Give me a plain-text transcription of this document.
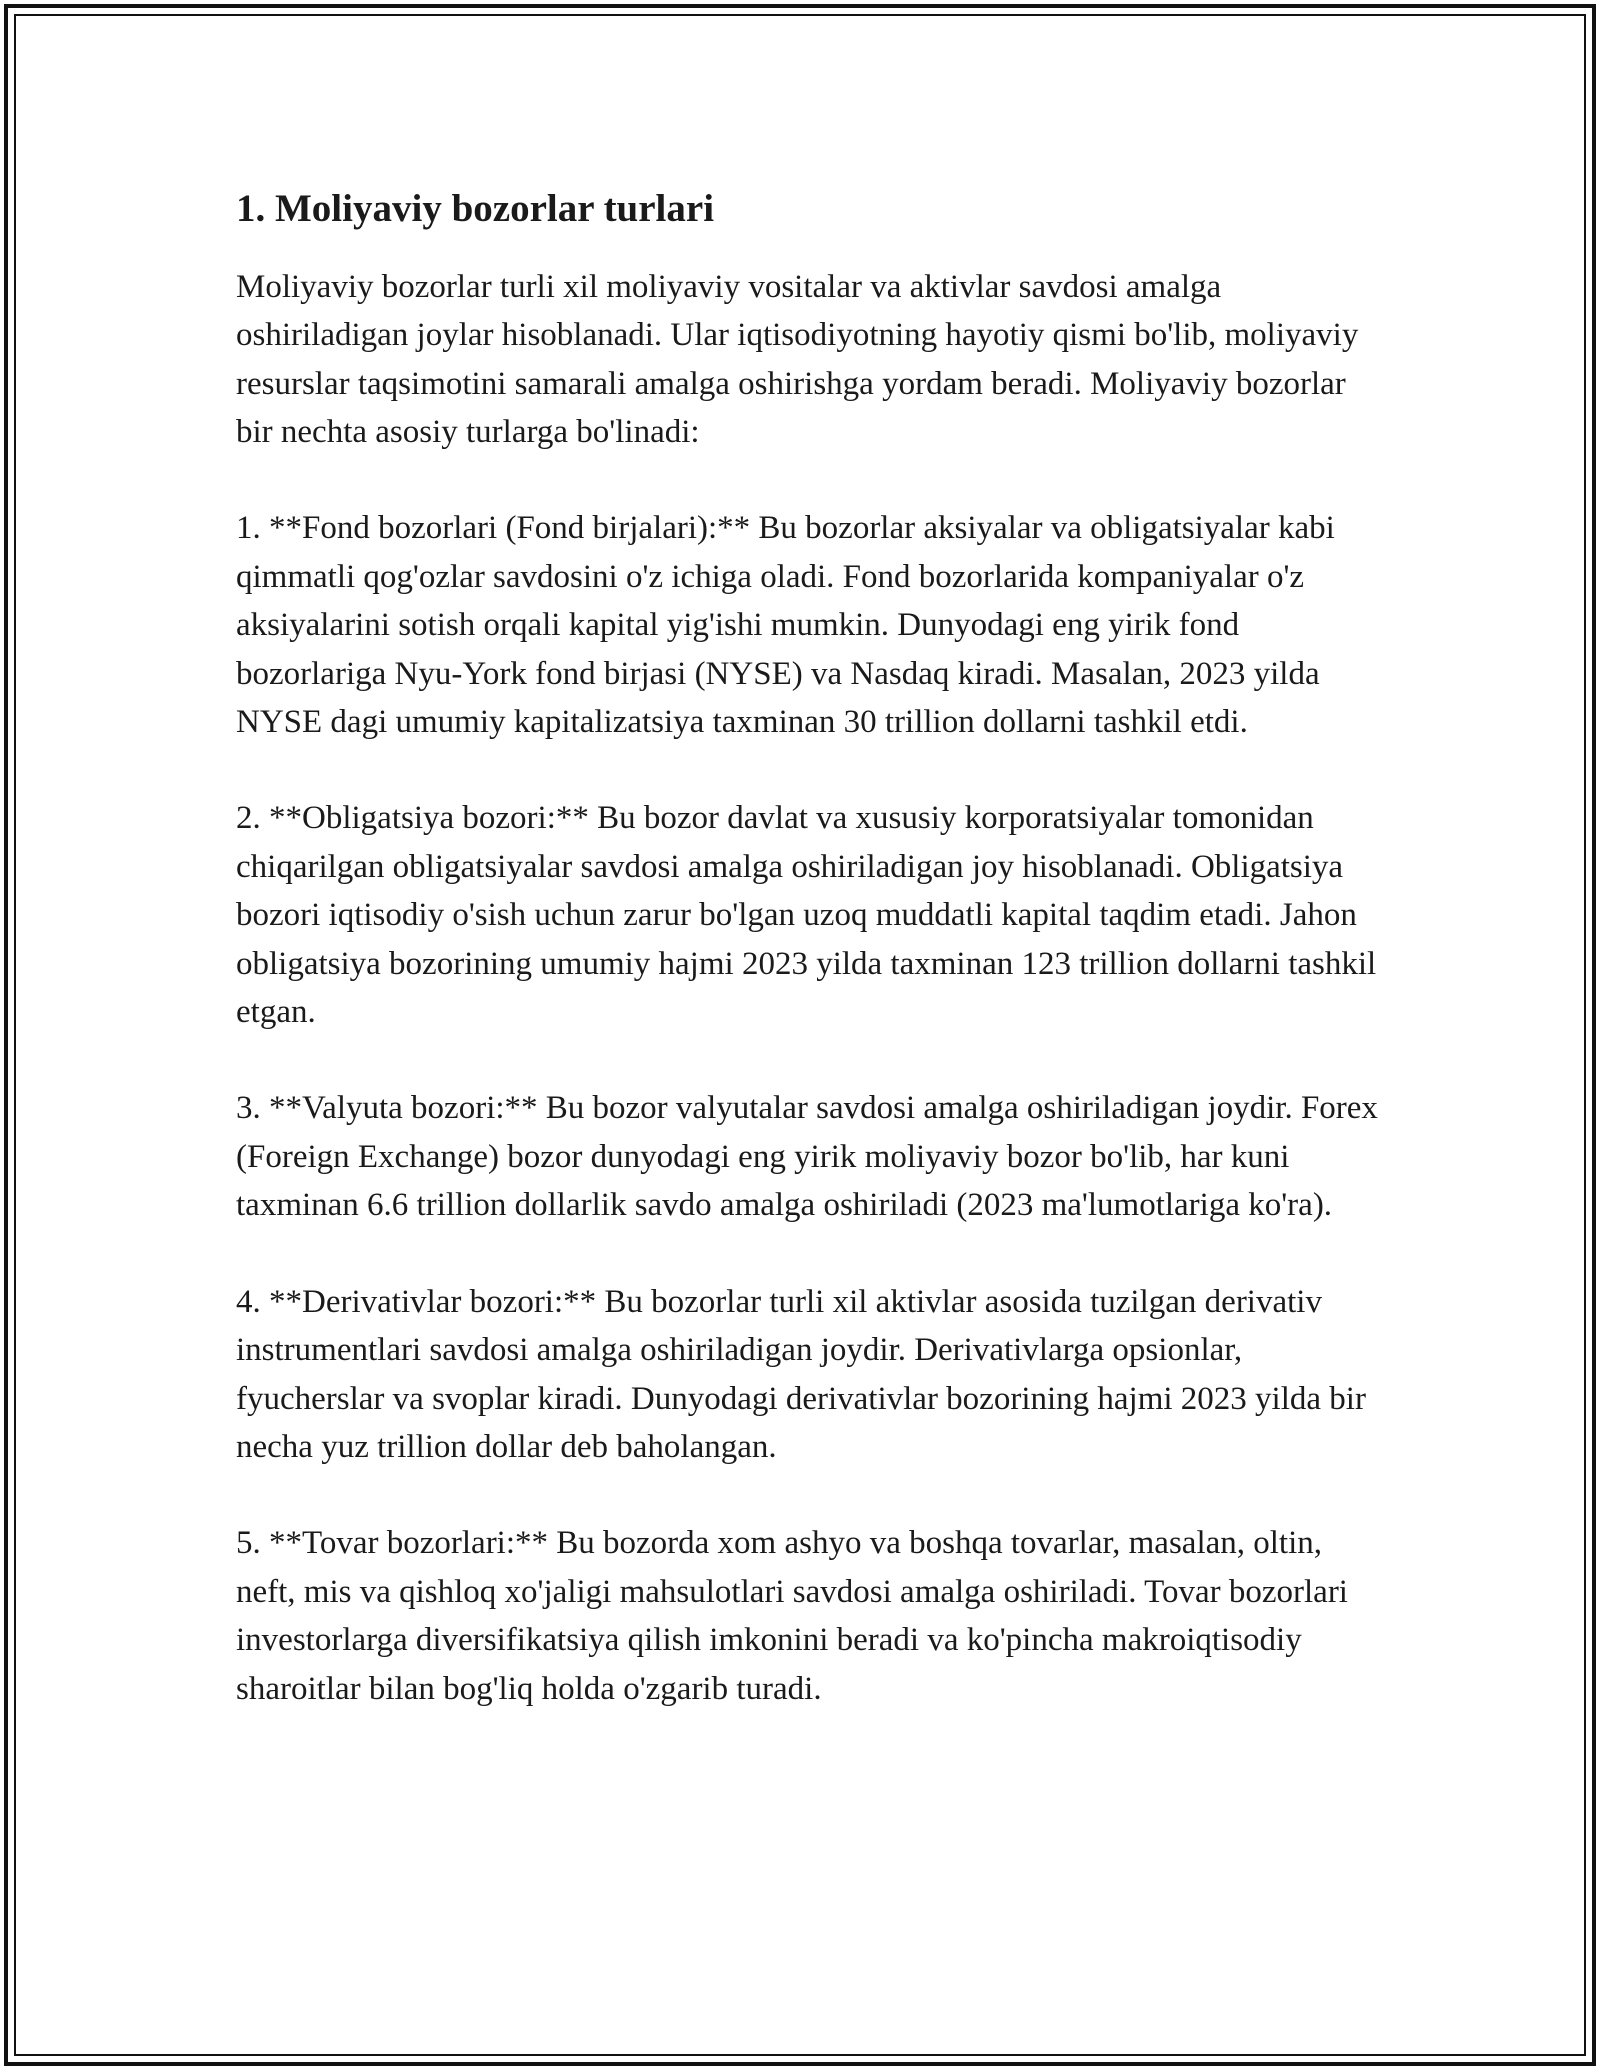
1. Moliyaviy bozorlar turlari

Moliyaviy bozorlar turli xil moliyaviy vositalar va aktivlar savdosi amalga oshiriladigan joylar hisoblanadi. Ular iqtisodiyotning hayotiy qismi bo'lib, moliyaviy resurslar taqsimotini samarali amalga oshirishga yordam beradi. Moliyaviy bozorlar bir nechta asosiy turlarga bo'linadi:

1. **Fond bozorlari (Fond birjalari):** Bu bozorlar aksiyalar va obligatsiyalar kabi qimmatli qog'ozlar savdosini o'z ichiga oladi. Fond bozorlarida kompaniyalar o'z aksiyalarini sotish orqali kapital yig'ishi mumkin. Dunyodagi eng yirik fond bozorlariga Nyu-York fond birjasi (NYSE) va Nasdaq kiradi. Masalan, 2023 yilda NYSE dagi umumiy kapitalizatsiya taxminan 30 trillion dollarni tashkil etdi.

2. **Obligatsiya bozori:** Bu bozor davlat va xususiy korporatsiyalar tomonidan chiqarilgan obligatsiyalar savdosi amalga oshiriladigan joy hisoblanadi. Obligatsiya bozori iqtisodiy o'sish uchun zarur bo'lgan uzoq muddatli kapital taqdim etadi. Jahon obligatsiya bozorining umumiy hajmi 2023 yilda taxminan 123 trillion dollarni tashkil etgan.

3. **Valyuta bozori:** Bu bozor valyutalar savdosi amalga oshiriladigan joydir. Forex (Foreign Exchange) bozor dunyodagi eng yirik moliyaviy bozor bo'lib, har kuni taxminan 6.6 trillion dollarlik savdo amalga oshiriladi (2023 ma'lumotlariga ko'ra).

4. **Derivativlar bozori:** Bu bozorlar turli xil aktivlar asosida tuzilgan derivativ instrumentlari savdosi amalga oshiriladigan joydir. Derivativlarga opsionlar, fyucherslar va svoplar kiradi. Dunyodagi derivativlar bozorining hajmi 2023 yilda bir necha yuz trillion dollar deb baholangan.

5. **Tovar bozorlari:** Bu bozorda xom ashyo va boshqa tovarlar, masalan, oltin, neft, mis va qishloq xo'jaligi mahsulotlari savdosi amalga oshiriladi. Tovar bozorlari investorlarga diversifikatsiya qilish imkonini beradi va ko'pincha makroiqtisodiy sharoitlar bilan bog'liq holda o'zgarib turadi.
